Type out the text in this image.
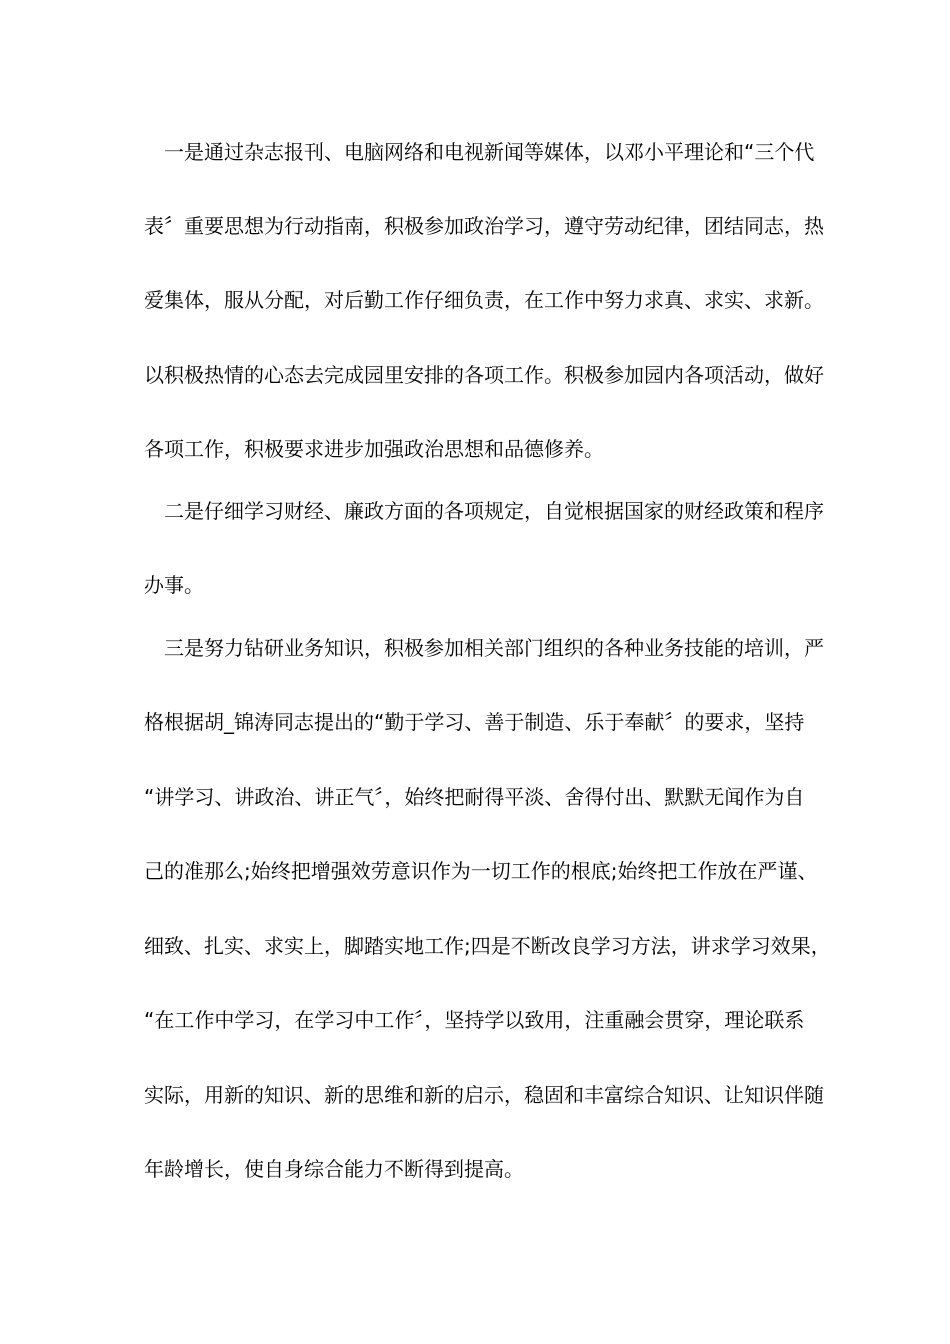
一是通过杂志报刊、电脑网络和电视新闻等媒体，以邓小平理论和“三个代
表〞重要思想为行动指南，积极参加政治学习，遵守劳动纪律，团结同志，热
爱集体，服从分配，对后勤工作仔细负责，在工作中努力求真、求实、求新。
以积极热情的心态去完成园里安排的各项工作。积极参加园内各项活动，做好
各项工作，积极要求进步加强政治思想和品德修养。
二是仔细学习财经、廉政方面的各项规定，自觉根据国家的财经政策和程序
办事。
三是努力钻研业务知识，积极参加相关部门组织的各种业务技能的培训，严
格根据胡_锦涛同志提出的“勤于学习、善于制造、乐于奉献〞的要求，坚持
“讲学习、讲政治、讲正气〞，始终把耐得平淡、舍得付出、默默无闻作为自
己的准那么;始终把增强效劳意识作为一切工作的根底;始终把工作放在严谨、
细致、扎实、求实上，脚踏实地工作;四是不断改良学习方法，讲求学习效果，
“在工作中学习，在学习中工作〞，坚持学以致用，注重融会贯穿，理论联系
实际，用新的知识、新的思维和新的启示，稳固和丰富综合知识、让知识伴随
年龄增长，使自身综合能力不断得到提高。
